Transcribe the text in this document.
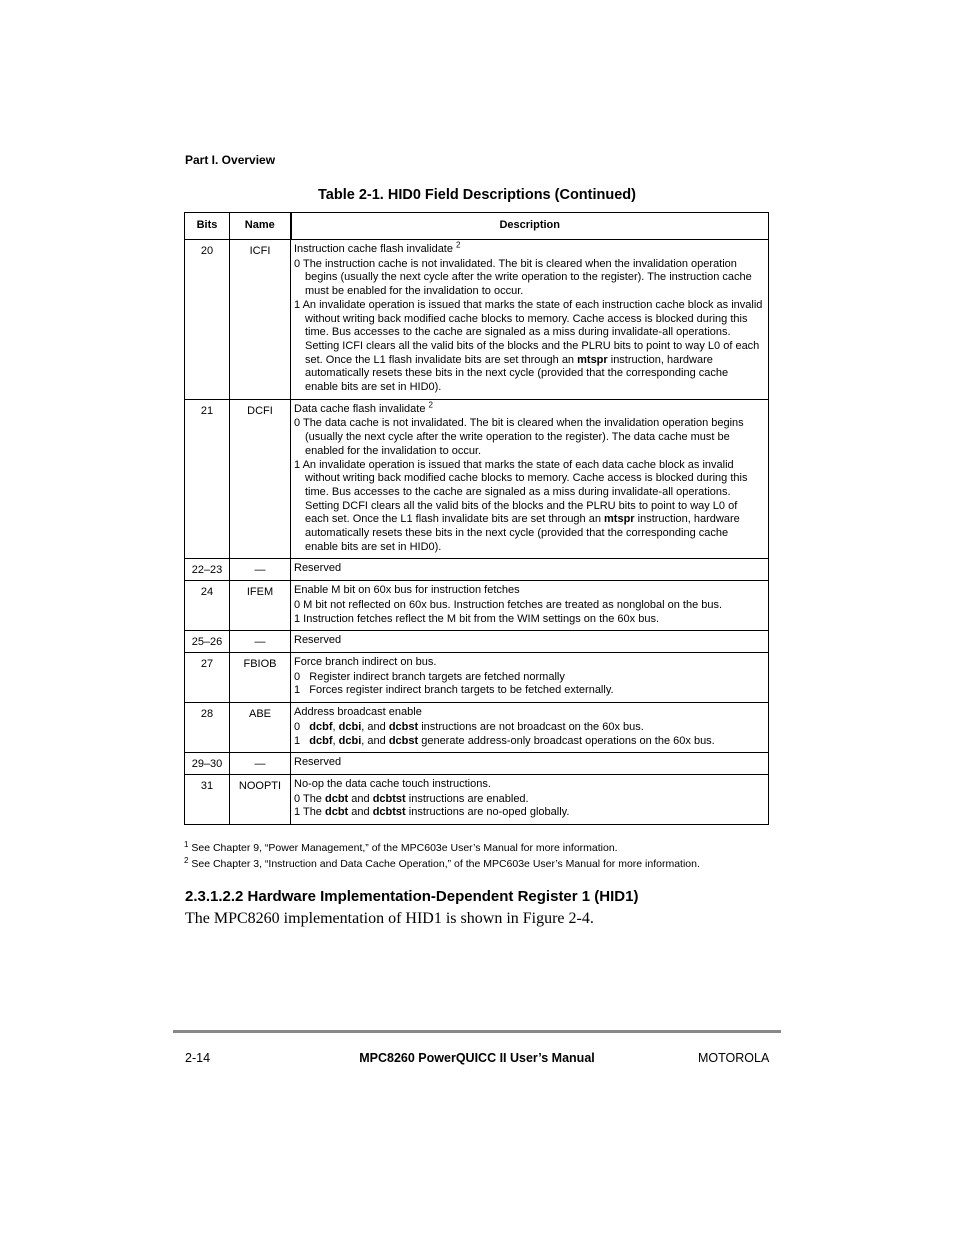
Part I. Overview
Table 2-1. HID0 Field Descriptions (Continued)
Bits	Name	Description
20	ICFI	Instruction cache flash invalidate $^2$
0 The instruction cache is not invalidated. The bit is cleared when the invalidation operation begins (usually the next cycle after the write operation to the register). The instruction cache must be enabled for the invalidation to occur.
1 An invalidate operation is issued that marks the state of each instruction cache block as invalid without writing back modified cache blocks to memory. Cache access is blocked during this time. Bus accesses to the cache are signaled as a miss during invalidate-all operations. Setting ICFI clears all the valid bits of the blocks and the PLRU bits to point to way L0 of each set. Once the L1 flash invalidate bits are set through an mtspr instruction, hardware automatically resets these bits in the next cycle (provided that the corresponding cache enable bits are set in HID0).

21	DCFI	Data cache flash invalidate $^2$
0 The data cache is not invalidated. The bit is cleared when the invalidation operation begins (usually the next cycle after the write operation to the register). The data cache must be enabled for the invalidation to occur.
1 An invalidate operation is issued that marks the state of each data cache block as invalid without writing back modified cache blocks to memory. Cache access is blocked during this time. Bus accesses to the cache are signaled as a miss during invalidate-all operations. Setting DCFI clears all the valid bits of the blocks and the PLRU bits to point to way L0 of each set. Once the L1 flash invalidate bits are set through an mtspr instruction, hardware automatically resets these bits in the next cycle (provided that the corresponding cache enable bits are set in HID0).

22–23	—	Reserved

24	IFEM	Enable M bit on 60x bus for instruction fetches
0 M bit not reflected on 60x bus. Instruction fetches are treated as nonglobal on the bus.
1 Instruction fetches reflect the M bit from the WIM settings on the 60x bus.

25–26	—	Reserved

27	FBIOB	Force branch indirect on bus.
0   Register indirect branch targets are fetched normally
1   Forces register indirect branch targets to be fetched externally.

28	ABE	Address broadcast enable
0   dcbf, dcbi, and dcbst instructions are not broadcast on the 60x bus.
1   dcbf, dcbi, and dcbst generate address-only broadcast operations on the 60x bus.

29–30	—	Reserved

31	NOOPTI	No-op the data cache touch instructions.
0 The dcbt and dcbtst instructions are enabled.
1 The dcbt and dcbtst instructions are no-oped globally.
$^1$ See Chapter 9, “Power Management,” of the MPC603e User’s Manual for more information.
$^2$ See Chapter 3, “Instruction and Data Cache Operation,” of the MPC603e User’s Manual for more information.
2.3.1.2.2 Hardware Implementation-Dependent Register 1 (HID1)

The MPC8260 implementation of HID1 is shown in Figure 2-4.

2-14	MPC8260 PowerQUICC II User’s Manual	MOTOROLA
